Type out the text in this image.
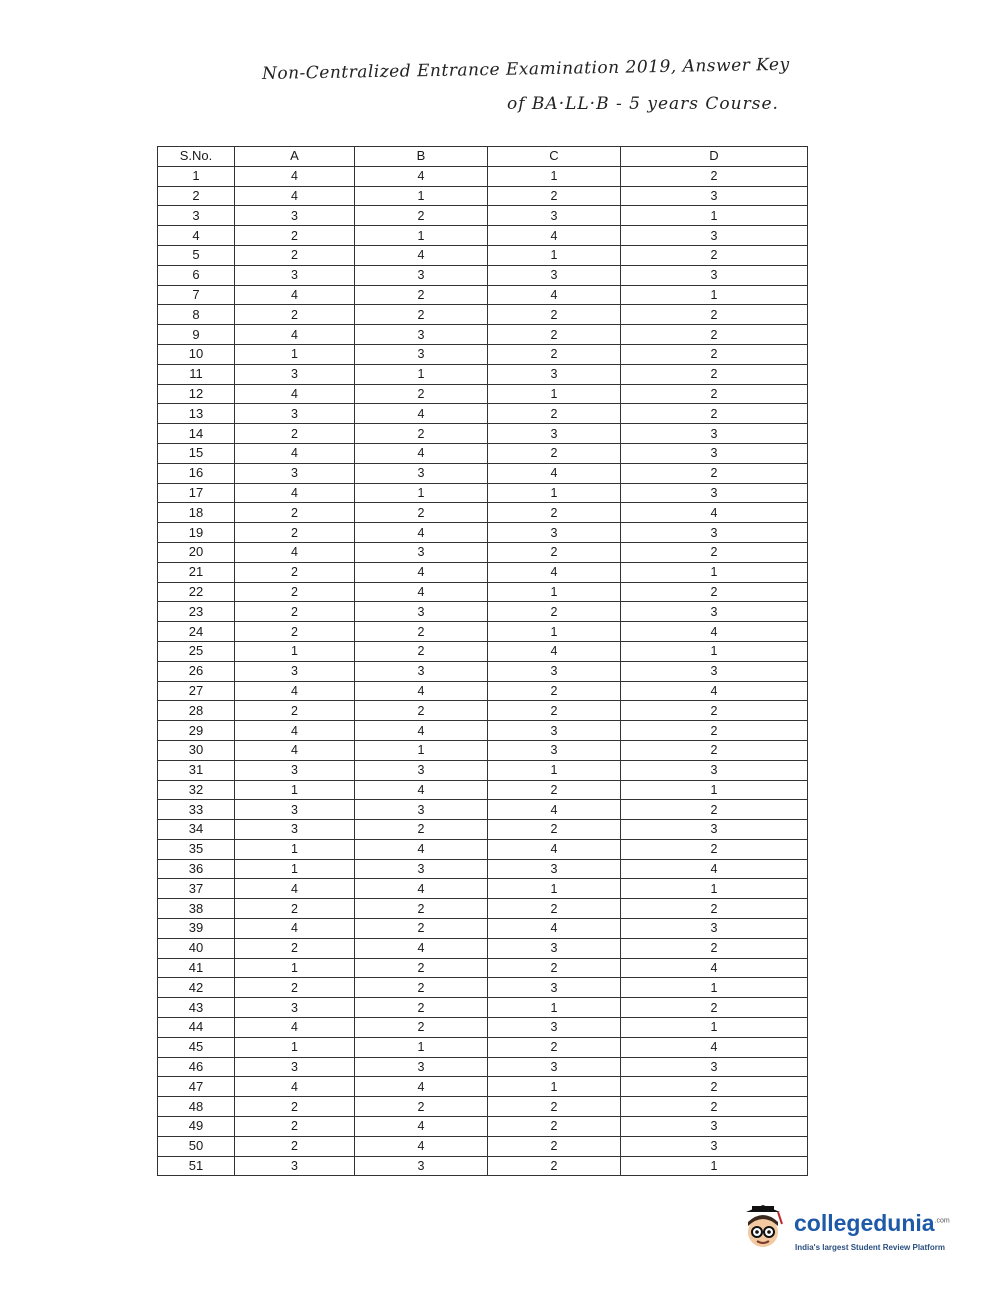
Non-Centralized Entrance Examination 2019, Answer Key
of BA·LL·B - 5 years Course.
S.No.	A	B	C	D
1	4	4	1	2
2	4	1	2	3
3	3	2	3	1
4	2	1	4	3
5	2	4	1	2
6	3	3	3	3
7	4	2	4	1
8	2	2	2	2
9	4	3	2	2
10	1	3	2	2
11	3	1	3	2
12	4	2	1	2
13	3	4	2	2
14	2	2	3	3
15	4	4	2	3
16	3	3	4	2
17	4	1	1	3
18	2	2	2	4
19	2	4	3	3
20	4	3	2	2
21	2	4	4	1
22	2	4	1	2
23	2	3	2	3
24	2	2	1	4
25	1	2	4	1
26	3	3	3	3
27	4	4	2	4
28	2	2	2	2
29	4	4	3	2
30	4	1	3	2
31	3	3	1	3
32	1	4	2	1
33	3	3	4	2
34	3	2	2	3
35	1	4	4	2
36	1	3	3	4
37	4	4	1	1
38	2	2	2	2
39	4	2	4	3
40	2	4	3	2
41	1	2	2	4
42	2	2	3	1
43	3	2	1	2
44	4	2	3	1
45	1	1	2	4
46	3	3	3	3
47	4	4	1	2
48	2	2	2	2
49	2	4	2	3
50	2	4	2	3
51	3	3	2	1
collegedunia$^{.com}$
India's largest Student Review Platform
